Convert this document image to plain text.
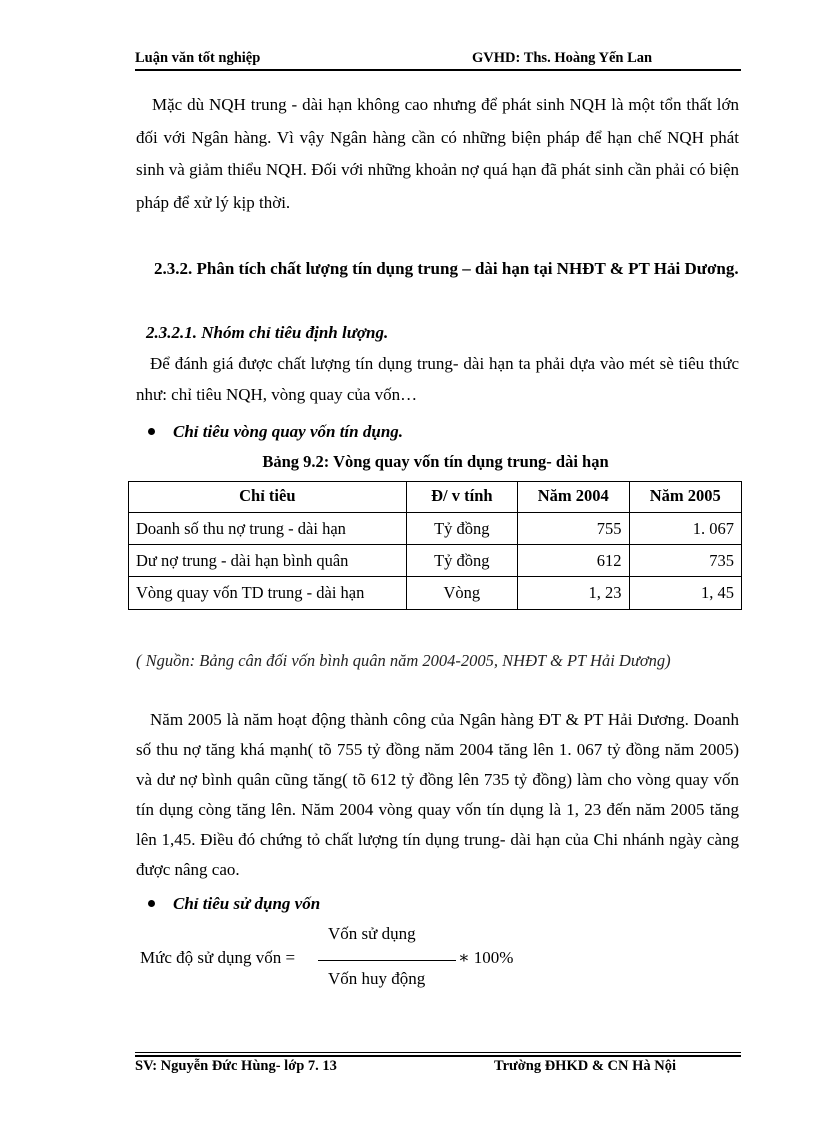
Luận văn tốt nghiệp	GVHD: Ths. Hoàng Yến Lan

Mặc dù NQH trung - dài hạn không cao nhưng để phát sinh NQH là một tổn thất lớn đối với Ngân hàng. Vì vậy Ngân hàng cần có những biện pháp để hạn chế NQH phát sinh và giảm thiểu NQH. Đối với những khoản nợ quá hạn đã phát sinh cần phải có biện pháp để xử lý kịp thời.

2.3.2. Phân tích chất lượng tín dụng trung – dài hạn tại NHĐT & PT Hải Dương.

2.3.2.1. Nhóm chỉ tiêu định lượng.

Để đánh giá được chất lượng tín dụng trung- dài hạn ta phải dựa vào mét sè tiêu thức như: chỉ tiêu NQH, vòng quay của vốn…

Chỉ tiêu vòng quay vốn tín dụng.
Bảng 9.2: Vòng quay vốn tín dụng trung- dài hạn
Chỉ tiêu	Đ/ v tính	Năm 2004	Năm 2005
Doanh số thu nợ trung - dài hạn	Tỷ đồng	755	1. 067
Dư nợ trung - dài hạn bình quân	Tỷ đồng	612	735
Vòng quay vốn TD trung - dài hạn	Vòng	1, 23	1, 45

( Nguồn: Bảng cân đối vốn bình quân năm 2004-2005, NHĐT & PT Hải Dương)

Năm 2005 là năm hoạt động thành công của Ngân hàng ĐT & PT Hải Dương. Doanh số thu nợ tăng khá mạnh( tõ 755 tỷ đồng năm 2004 tăng lên 1. 067 tỷ đồng năm 2005) và dư nợ bình quân cũng tăng( tõ 612 tỷ đồng lên 735 tỷ đồng) làm cho vòng quay vốn tín dụng còng tăng lên. Năm 2004 vòng quay vốn tín dụng là 1, 23 đến năm 2005 tăng lên 1,45. Điều đó chứng tỏ chất lượng tín dụng trung- dài hạn của Chi nhánh ngày càng được nâng cao.

Chỉ tiêu sử dụng vốn
Mức độ sử dụng vốn =
Vốn sử dụng
∗ 100%
Vốn huy động
SV: Nguyễn Đức Hùng- lớp 7. 13	Trường ĐHKD & CN Hà Nội
